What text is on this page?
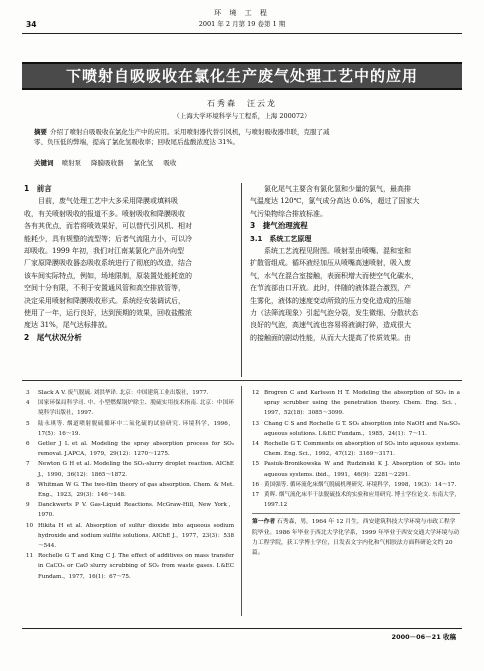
环 境 工 程
2001 年 2 月第 19 卷第 1 期
34
下喷射自吸吸收在氯化生产废气处理工艺中的应用
石秀森　汪云龙
（上海大学环境科学与工程系，上海 200072）
摘要 介绍了喷射自吸吸收在氯化生产中的应用。采用喷射器代替引风机，与喷射吸收器串联，克服了减
零、负压低的弊端，提高了氯化氢吸收率；回收尾后盐酸浓度达 31%。
关键词 喷射泵 降膜吸收器 氯化氢 吸收
1　前言
目前，废气处理工艺中大多采用降膜或填料吸
收，有关喷射吸收的报道不多。喷射吸收和降膜吸收
各有其优点，而若将喷效果好，可以替代引风机、相对
能耗少，具有规整的流型等；后者气流阻力小，可以冷
却吸收。1999 年初，我们对江南某氯化产品外向型
厂家原降膜吸收器态吸收系统进行了彻底的改造，结合
该车间实际特点，例如，场地限制，原装置处能耗宽的
空间十分有限，不利于安置通风管和高空排放管等，
决定采用喷射和降膜吸收形式。系统经安装调试后，
使用了一年，运行良好，达到预期的效果，回收盐酸浓
度达 31%，尾气达标排放。
2　尾气状况分析
氯化尾气主要含有氯化氢和少量的氯气，最高排
气温度达 120℃，氯气成分高达 0.6%，超过了国家大
气污染物综合排放标准。
3　捷气治理流程
3.1　系统工艺原理
系统工艺流程见附图。喷射泵由喷嘴、混和室和
扩散管组成。循环液经加压从喷嘴高速喷射，吸入废
气，水气在混合室接触，表面积增大而使空气化碳水，
在节流部由口开放。此时，伴随的液体混合激烈，产
生雾化，液体的速度变动所致的压力变化造成的压缩
力（法筛流现象）引起气泡分裂，发生微细、分散状态
良好的气泡，高速气流也容易将液滴打碎，造成很大
的接触面的剧动性能，从而大大提高了传质效果。由
3	Slack A V. 废气脱硫. 刘洪华译. 北京：中国建筑工业出版社，1977.
4	国家环保局科学司. 中、小型燃煤锅炉除尘、脱硫实用技术指南. 北京：中国环境科学出版社，1997.
5	陆永琪等. 烟道喷射脱硫循环中二氧化硫的试验研究. 环境科学，1996，17(5)：16～19.
6	Getler J L et al. Modeling the spray absorption process for SO₂ removal. J.APCA，1979，29(12)：1270～1275.
7	Newton G H et al. Modeling the SO₂-slurry droplet reaction. AIChE J.，1990，36(12)：1865～1872.
8	Whitman W G. The two-film theory of gas absorption. Chem. & Met. Eng.，1923，29(3)：146～148.
9	Danckwerts P V. Gas-Liquid Reactions. McGraw-Hill, New York，1970.
10 Hikita H et al. Absorption of sulfur dioxide into aqueous sodium hydroxide and sodium sulfite solutions. AIChE J.，1977，23(3)：538～544.
11 Rochelle G T and King C J. The effect of additives on mass transfer in CaCO₃ or CaO slurry scrubbing of SO₂ from waste gases. I.&EC Fundam.，1977，16(1)：67～75.
12 Brogren C and Karlsson H T. Modeling the absorption of SO₂ in a spray scrubber using the penetration theory. Chem. Eng. Sci.，1997，52(18)：3085～3099.
13 Chang C S and Rochelle G T. SO₂ absorption into NaOH and Na₂SO₃ aqueous solutions. I.&EC Fundam.，1985，24(1)：7～11.
14 Rochelle G T. Comments on absorption of SO₂ into aqueous systems. Chem. Eng. Sci.，1992，47(12)：3169～3171.
15 Pasiuk-Bronikowska W and Rudzinski K J. Absorption of SO₂ into aqueous systems. ibid.，1991，46(9)：2281～2291.
16 黄国强等. 循环流化床烟气脱硫机理研究. 环境科学，1998，19(3)：14～17.
17 黄晖. 烟气流化床半干法脱硫技术的实验和应用研究. 博士学位论文. 东南大学，1997.12
第一作者 石秀森，男，1964 年 12 月生，西安建筑科技大学环境与市政工程学院毕业。1986 年毕业于西北大学化学系，1999 年毕业于西安交通大学环境与动力工程学院，获工学博士学位，日发表文字内化和气相胶法方面科研论文约 20 篇。
2000－06－21 收稿
